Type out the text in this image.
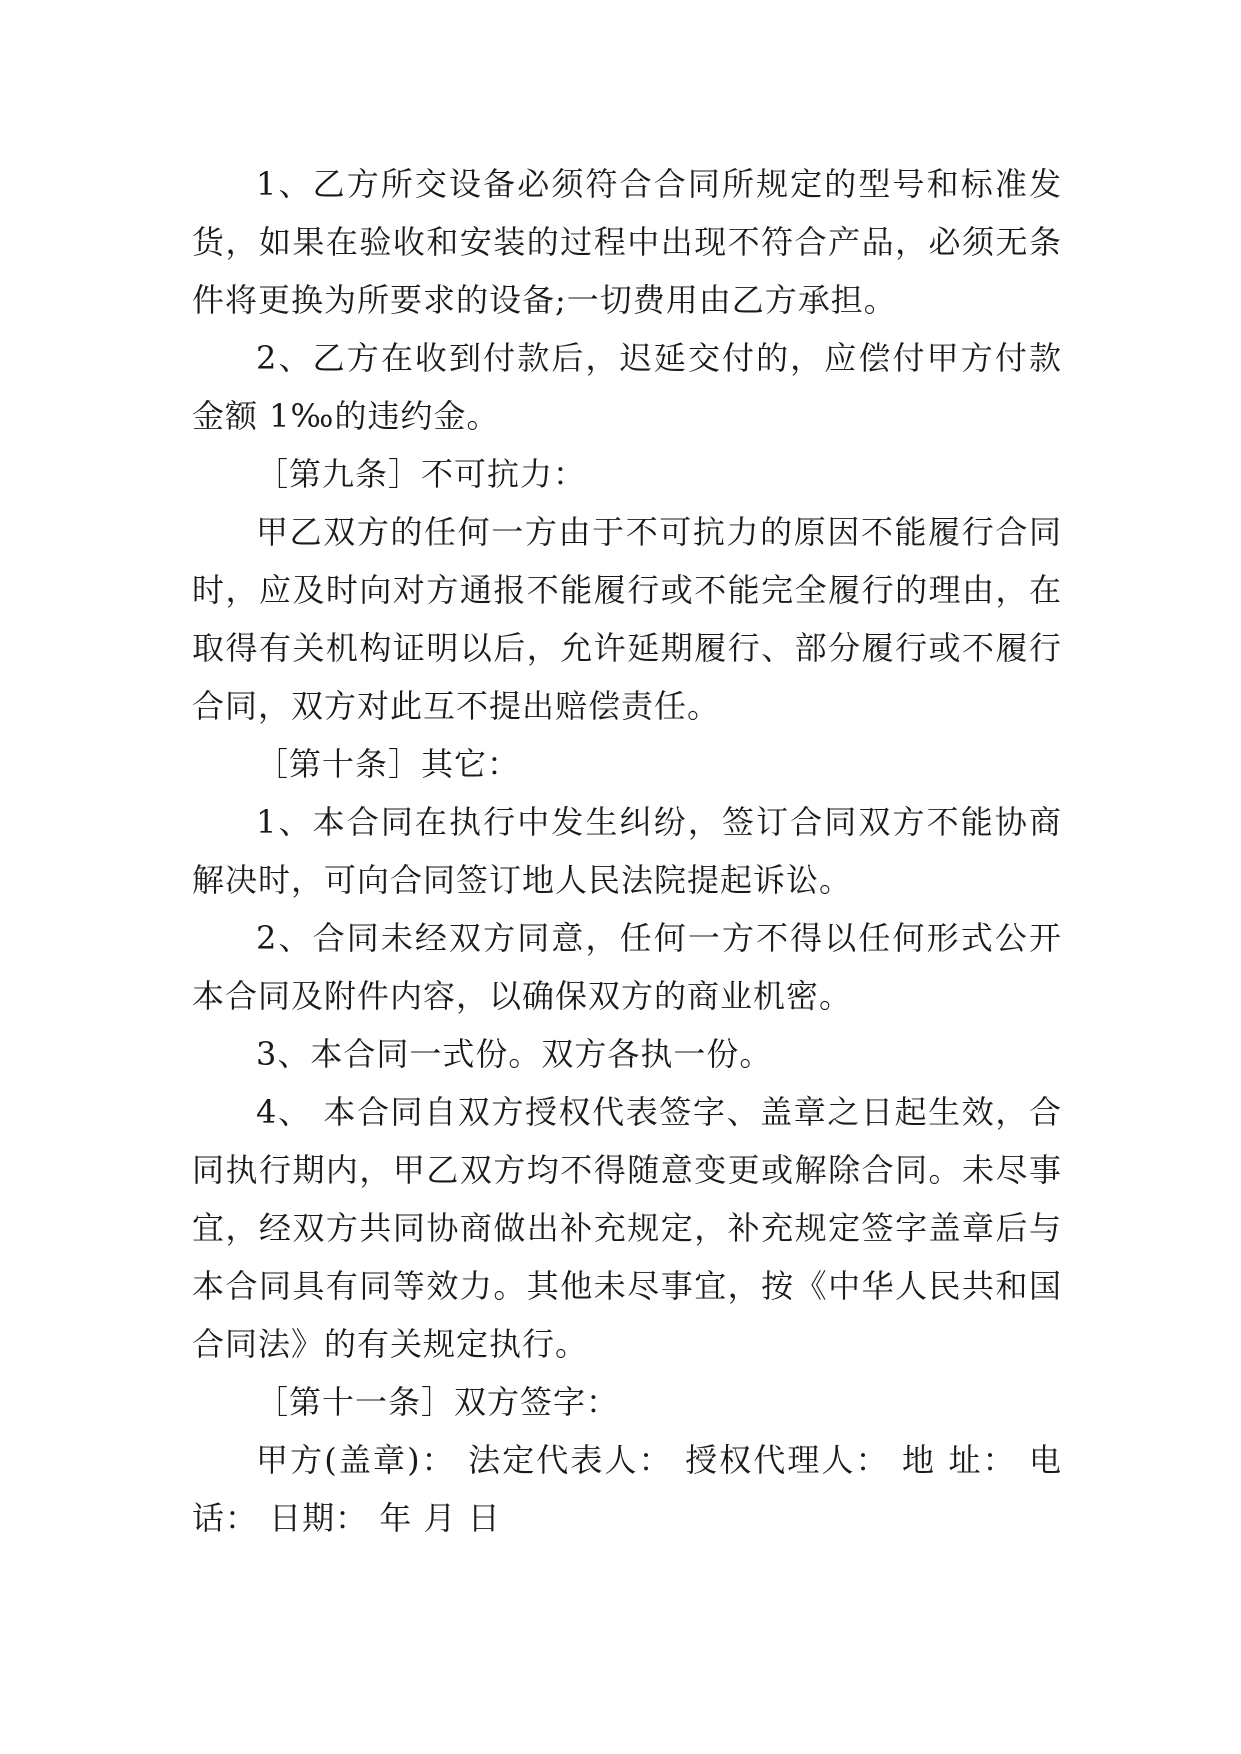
1、乙方所交设备必须符合合同所规定的型号和标准发货，如果在验收和安装的过程中出现不符合产品，必须无条件将更换为所要求的设备;一切费用由乙方承担。

2、乙方在收到付款后，迟延交付的，应偿付甲方付款金额 1‰的违约金。

［第九条］不可抗力：

甲乙双方的任何一方由于不可抗力的原因不能履行合同时，应及时向对方通报不能履行或不能完全履行的理由，在取得有关机构证明以后，允许延期履行、部分履行或不履行合同，双方对此互不提出赔偿责任。

［第十条］其它：

1、本合同在执行中发生纠纷，签订合同双方不能协商解决时，可向合同签订地人民法院提起诉讼。

2、合同未经双方同意，任何一方不得以任何形式公开本合同及附件内容，以确保双方的商业机密。

3、本合同一式份。双方各执一份。

4、 本合同自双方授权代表签字、盖章之日起生效，合同执行期内，甲乙双方均不得随意变更或解除合同。未尽事宜，经双方共同协商做出补充规定，补充规定签字盖章后与本合同具有同等效力。其他未尽事宜，按《中华人民共和国合同法》的有关规定执行。

［第十一条］双方签字：

甲方(盖章)： 法定代表人： 授权代理人： 地 址： 电 话： 日期： 年 月 日
